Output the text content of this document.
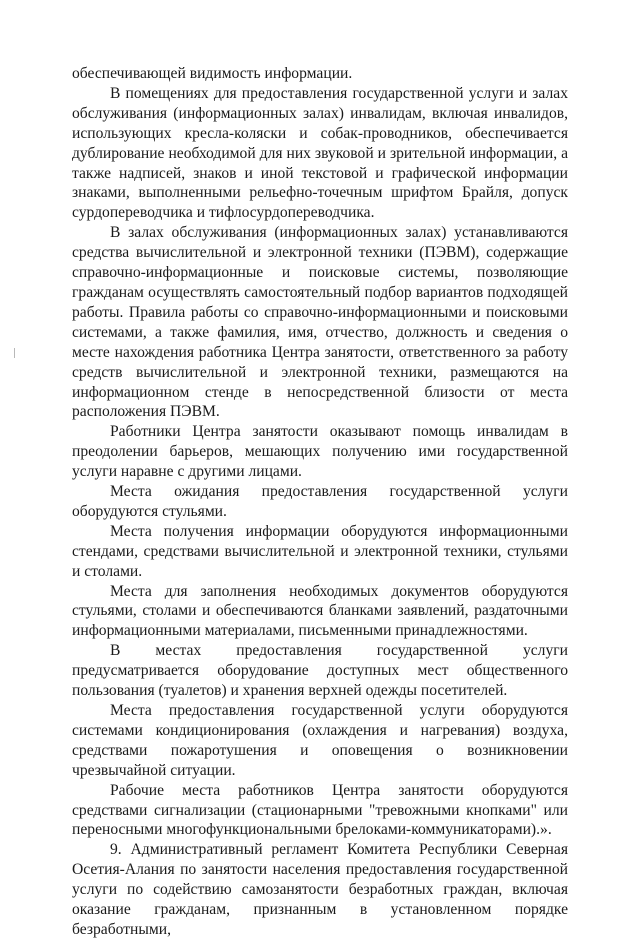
обеспечивающей видимость информации.

В помещениях для предоставления государственной услуги и залах обслуживания (информационных залах) инвалидам, включая инвалидов, использующих кресла-коляски и собак-проводников, обеспечивается дублирование необходимой для них звуковой и зрительной информации, а также надписей, знаков и иной текстовой и графической информации знаками, выполненными рельефно-точечным шрифтом Брайля, допуск сурдопереводчика и тифлосурдопереводчика.

В залах обслуживания (информационных залах) устанавливаются средства вычислительной и электронной техники (ПЭВМ), содержащие справочно-информационные и поисковые системы, позволяющие гражданам осуществлять самостоятельный подбор вариантов подходящей работы. Правила работы со справочно-информационными и поисковыми системами, а также фамилия, имя, отчество, должность и сведения о месте нахождения работника Центра занятости, ответственного за работу средств вычислительной и электронной техники, размещаются на информационном стенде в непосредственной близости от места расположения ПЭВМ.

Работники Центра занятости оказывают помощь инвалидам в преодолении барьеров, мешающих получению ими государственной услуги наравне с другими лицами.

Места ожидания предоставления государственной услуги оборудуются стульями.

Места получения информации оборудуются информационными стендами, средствами вычислительной и электронной техники, стульями и столами.

Места для заполнения необходимых документов оборудуются стульями, столами и обеспечиваются бланками заявлений, раздаточными информационными материалами, письменными принадлежностями.

В местах предоставления государственной услуги предусматривается оборудование доступных мест общественного пользования (туалетов) и хранения верхней одежды посетителей.

Места предоставления государственной услуги оборудуются системами кондиционирования (охлаждения и нагревания) воздуха, средствами пожаротушения и оповещения о возникновении чрезвычайной ситуации.

Рабочие места работников Центра занятости оборудуются средствами сигнализации (стационарными "тревожными кнопками" или переносными многофункциональными брелоками-коммуникаторами).».

9. Административный регламент Комитета Республики Северная Осетия-Алания по занятости населения предоставления государственной услуги по содействию самозанятости безработных граждан, включая оказание гражданам, признанным в установленном порядке безработными,
